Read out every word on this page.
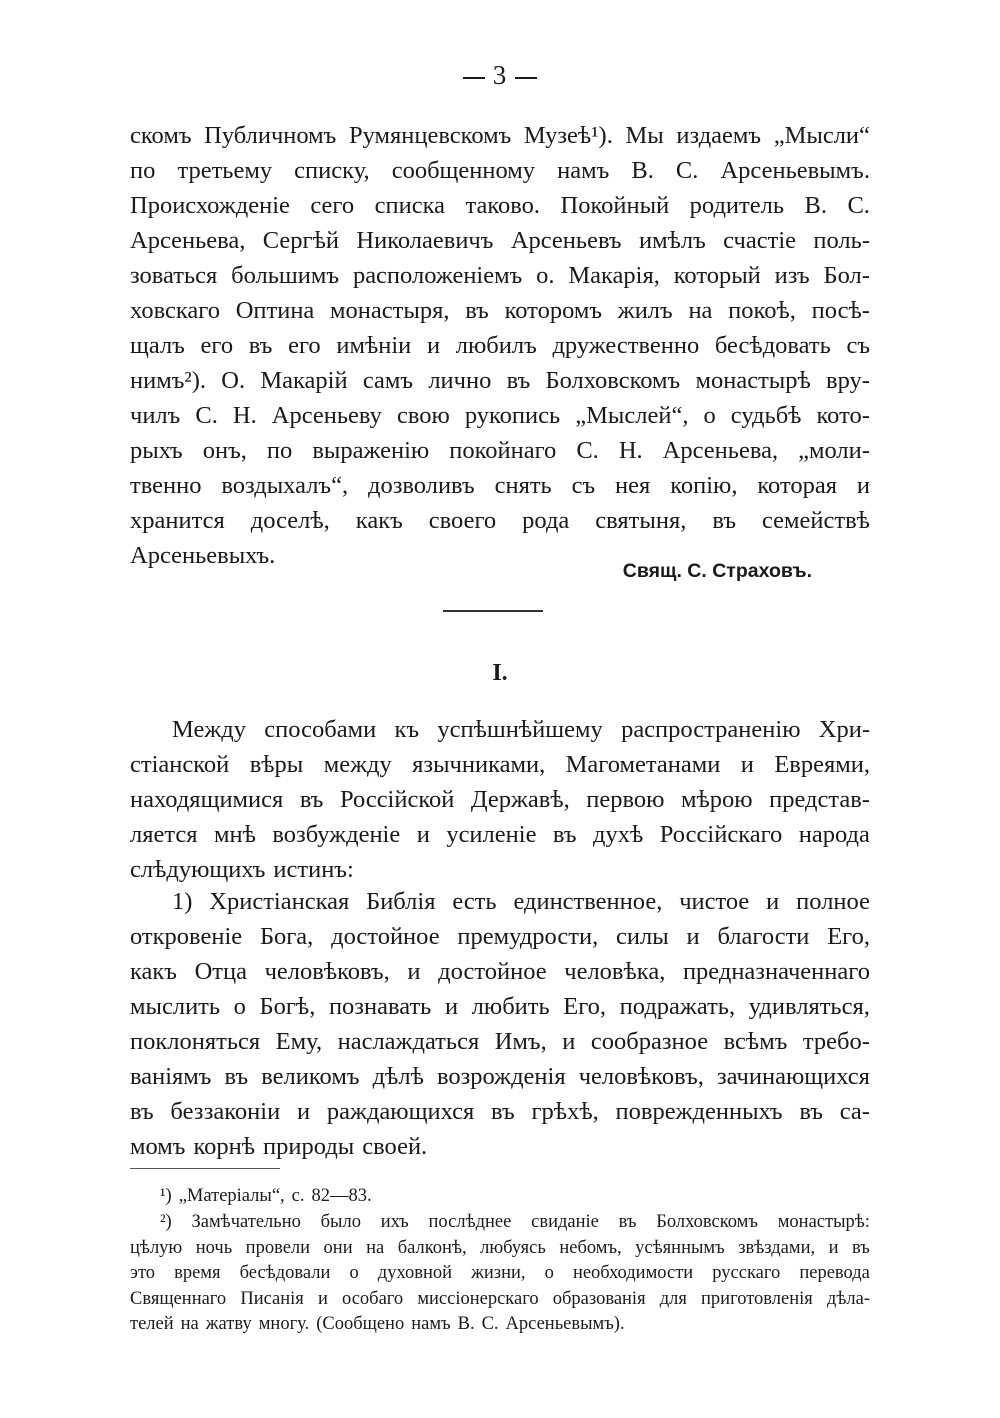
3
скомъ Публичномъ Румянцевскомъ Музеѣ¹). Мы издаемъ „Мысли“
по третьему списку, сообщенному намъ В. С. Арсеньевымъ.
Происхожденіе сего списка таково. Покойный родитель В. С.
Арсеньева, Сергѣй Николаевичъ Арсеньевъ имѣлъ счастіе поль-
зоваться большимъ расположеніемъ о. Макарія, который изъ Бол-
ховскаго Оптина монастыря, въ которомъ жилъ на покоѣ, посѣ-
щалъ его въ его имѣніи и любилъ дружественно бесѣдовать съ
нимъ²). О. Макарій самъ лично въ Болховскомъ монастырѣ вру-
чилъ С. Н. Арсеньеву свою рукопись „Мыслей“, о судьбѣ кото-
рыхъ онъ, по выраженію покойнаго С. Н. Арсеньева, „моли-
твенно воздыхалъ“, дозволивъ снять съ нея копію, которая и
хранится доселѣ, какъ своего рода святыня, въ семействѣ
Арсеньевыхъ.
Свящ. С. Страховъ.
I.
Между способами къ успѣшнѣйшему распространенію Хри-
стіанской вѣры между язычниками, Магометанами и Евреями,
находящимися въ Россійской Державѣ, первою мѣрою представ-
ляется мнѣ возбужденіе и усиленіе въ духѣ Россійскаго народа
слѣдующихъ истинъ:
1) Христіанская Библія есть единственное, чистое и полное
откровеніе Бога, достойное премудрости, силы и благости Его,
какъ Отца человѣковъ, и достойное человѣка, предназначеннаго
мыслить о Богѣ, познавать и любить Его, подражать, удивляться,
поклоняться Ему, наслаждаться Имъ, и сообразное всѣмъ требо-
ваніямъ въ великомъ дѣлѣ возрожденія человѣковъ, зачинающихся
въ беззаконіи и раждающихся въ грѣхѣ, поврежденныхъ въ са-
момъ корнѣ природы своей.
¹) „Матеріалы“, с. 82—83.
²) Замѣчательно было ихъ послѣднее свиданіе въ Болховскомъ монастырѣ:
цѣлую ночь провели они на балконѣ, любуясь небомъ, усѣяннымъ звѣздами, и въ
это время бесѣдовали о духовной жизни, о необходимости русскаго перевода
Священнаго Писанія и особаго миссіонерскаго образованія для приготовленія дѣла-
телей на жатву многу. (Сообщено намъ В. С. Арсеньевымъ).
